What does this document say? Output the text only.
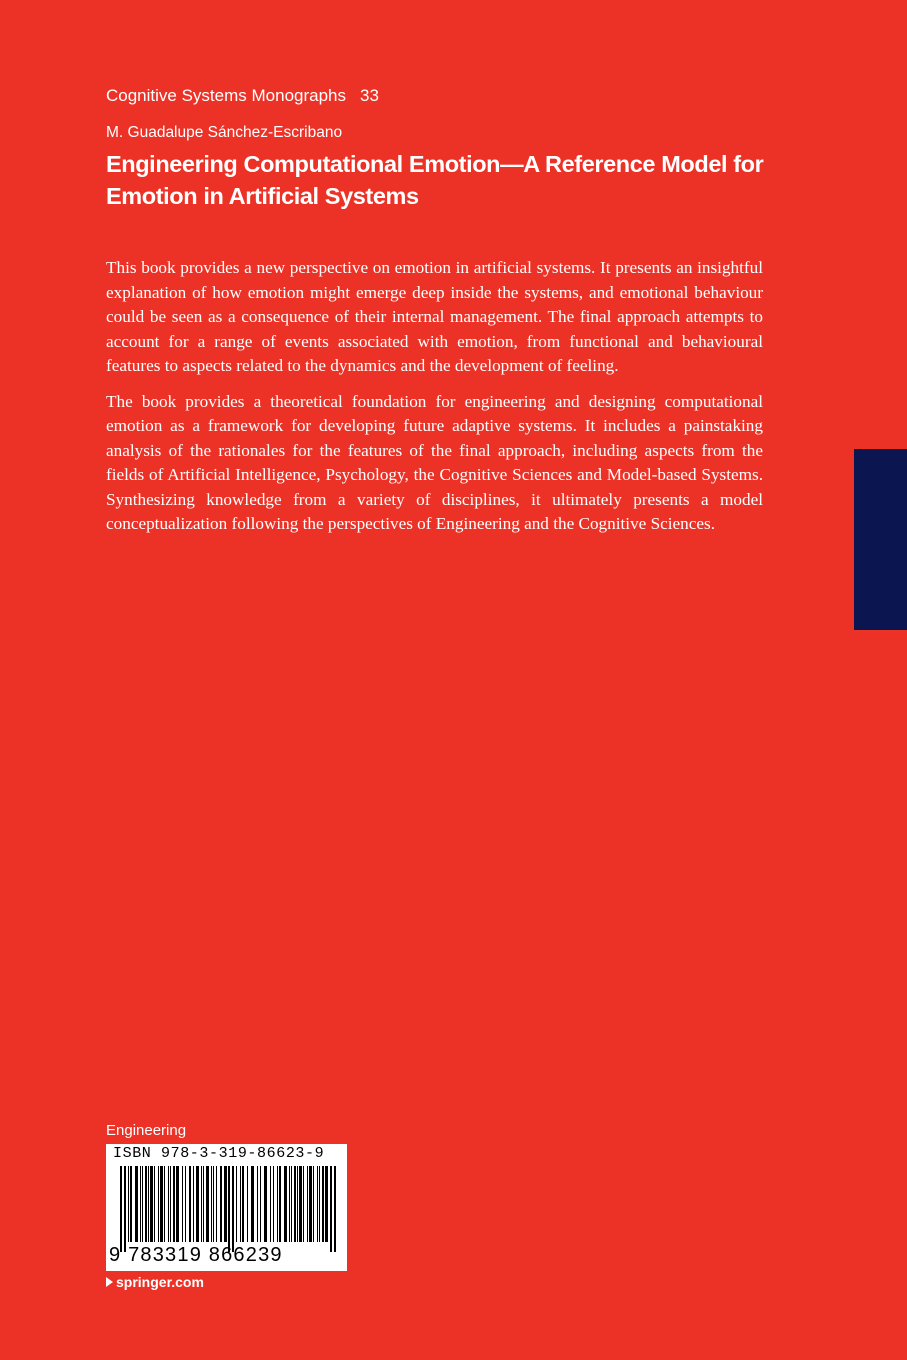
Cognitive Systems Monographs 33
M. Guadalupe Sánchez-Escribano
Engineering Computational Emotion—A Reference Model for Emotion in Artificial Systems

This book provides a new perspective on emotion in artificial systems. It presents an insightful explanation of how emotion might emerge deep inside the systems, and emotional behaviour could be seen as a consequence of their internal management. The final approach attempts to account for a range of events associated with emotion, from functional and behavioural features to aspects related to the dynamics and the development of feeling.

The book provides a theoretical foundation for engineering and designing computational emotion as a framework for developing future adaptive systems. It includes a painstaking analysis of the rationales for the features of the final approach, including aspects from the fields of Artificial Intelligence, Psychology, the Cognitive Sciences and Model-based Systems. Synthesizing knowledge from a variety of disciplines, it ultimately presents a model conceptualization following the perspectives of Engineering and the Cognitive Sciences.

Engineering
ISBN 978-3-319-86623-9
9 783319 866239
springer.com
